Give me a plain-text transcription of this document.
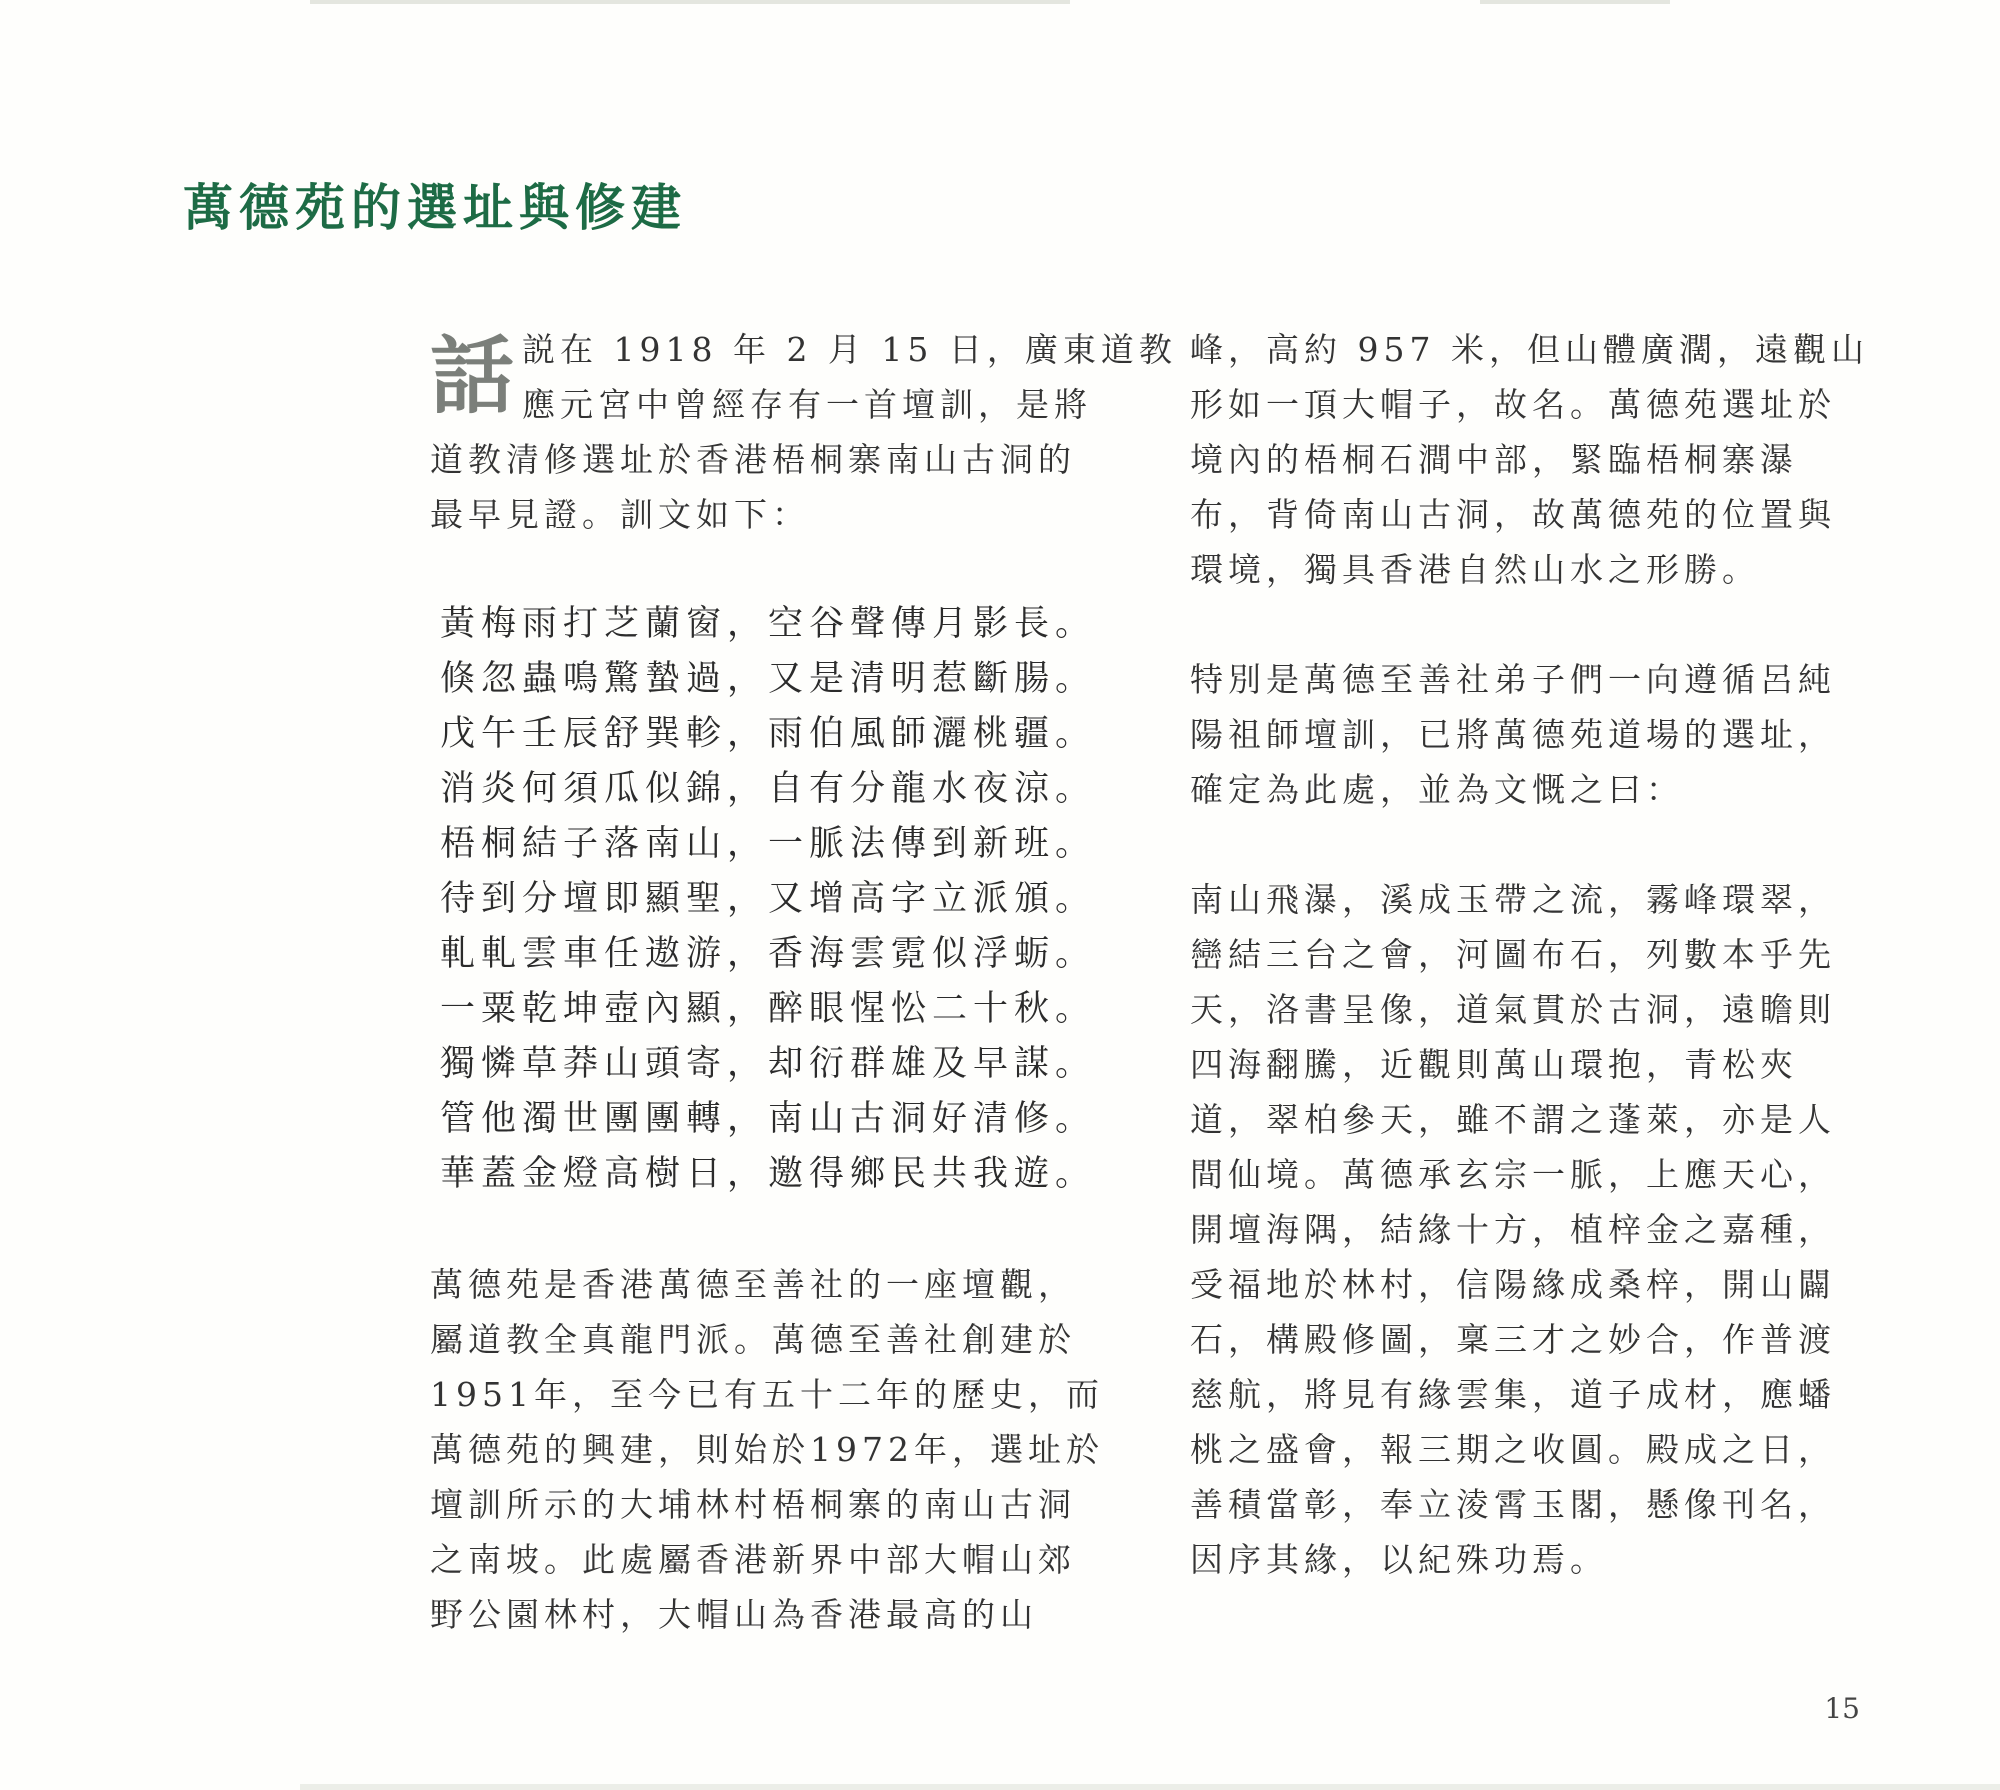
萬德苑的選址與修建
話 説在 1918 年 2 月 15 日，廣東道教
應元宮中曾經存有一首壇訓，是將
道教清修選址於香港梧桐寨南山古洞的
最早見證。訓文如下：
黃梅雨打芝蘭窗，空谷聲傳月影長。
倏忽蟲鳴驚蟄過，又是清明惹斷腸。
戊午壬辰舒巽軫，雨伯風師灑桃疆。
消炎何須瓜似錦，自有分龍水夜涼。
梧桐結子落南山，一脈法傳到新班。
待到分壇即顯聖，又增高字立派頒。
軋軋雲車任遨游，香海雲霓似浮蛎。
一粟乾坤壺內顯，醉眼惺忪二十秋。
獨憐草莽山頭寄，却衍群雄及早謀。
管他濁世團團轉，南山古洞好清修。
華蓋金燈高樹日，邀得鄉民共我遊。
萬德苑是香港萬德至善社的一座壇觀，
屬道教全真龍門派。萬德至善社創建於
1951年，至今已有五十二年的歷史，而
萬德苑的興建，則始於1972年，選址於
壇訓所示的大埔林村梧桐寨的南山古洞
之南坡。此處屬香港新界中部大帽山郊
野公園林村，大帽山為香港最高的山
峰，高約 957 米，但山體廣濶，遠觀山
形如一頂大帽子，故名。萬德苑選址於
境內的梧桐石澗中部，緊臨梧桐寨瀑
布，背倚南山古洞，故萬德苑的位置與
環境，獨具香港自然山水之形勝。
特別是萬德至善社弟子們一向遵循呂純
陽祖師壇訓，已將萬德苑道場的選址，
確定為此處，並為文慨之曰：
南山飛瀑，溪成玉帶之流，霧峰環翠，
巒結三台之會，河圖布石，列數本乎先
天，洛書呈像，道氣貫於古洞，遠瞻則
四海翻騰，近觀則萬山環抱，青松夾
道，翠柏參天，雖不謂之蓬萊，亦是人
間仙境。萬德承玄宗一脈，上應天心，
開壇海隅，結緣十方，植梓金之嘉種，
受福地於林村，信陽緣成桑梓，開山闢
石，構殿修圖，稟三才之妙合，作普渡
慈航，將見有緣雲集，道子成材，應蟠
桃之盛會，報三期之收圓。殿成之日，
善積當彰，奉立淩霄玉閣，懸像刊名，
因序其緣，以紀殊功焉。
15
